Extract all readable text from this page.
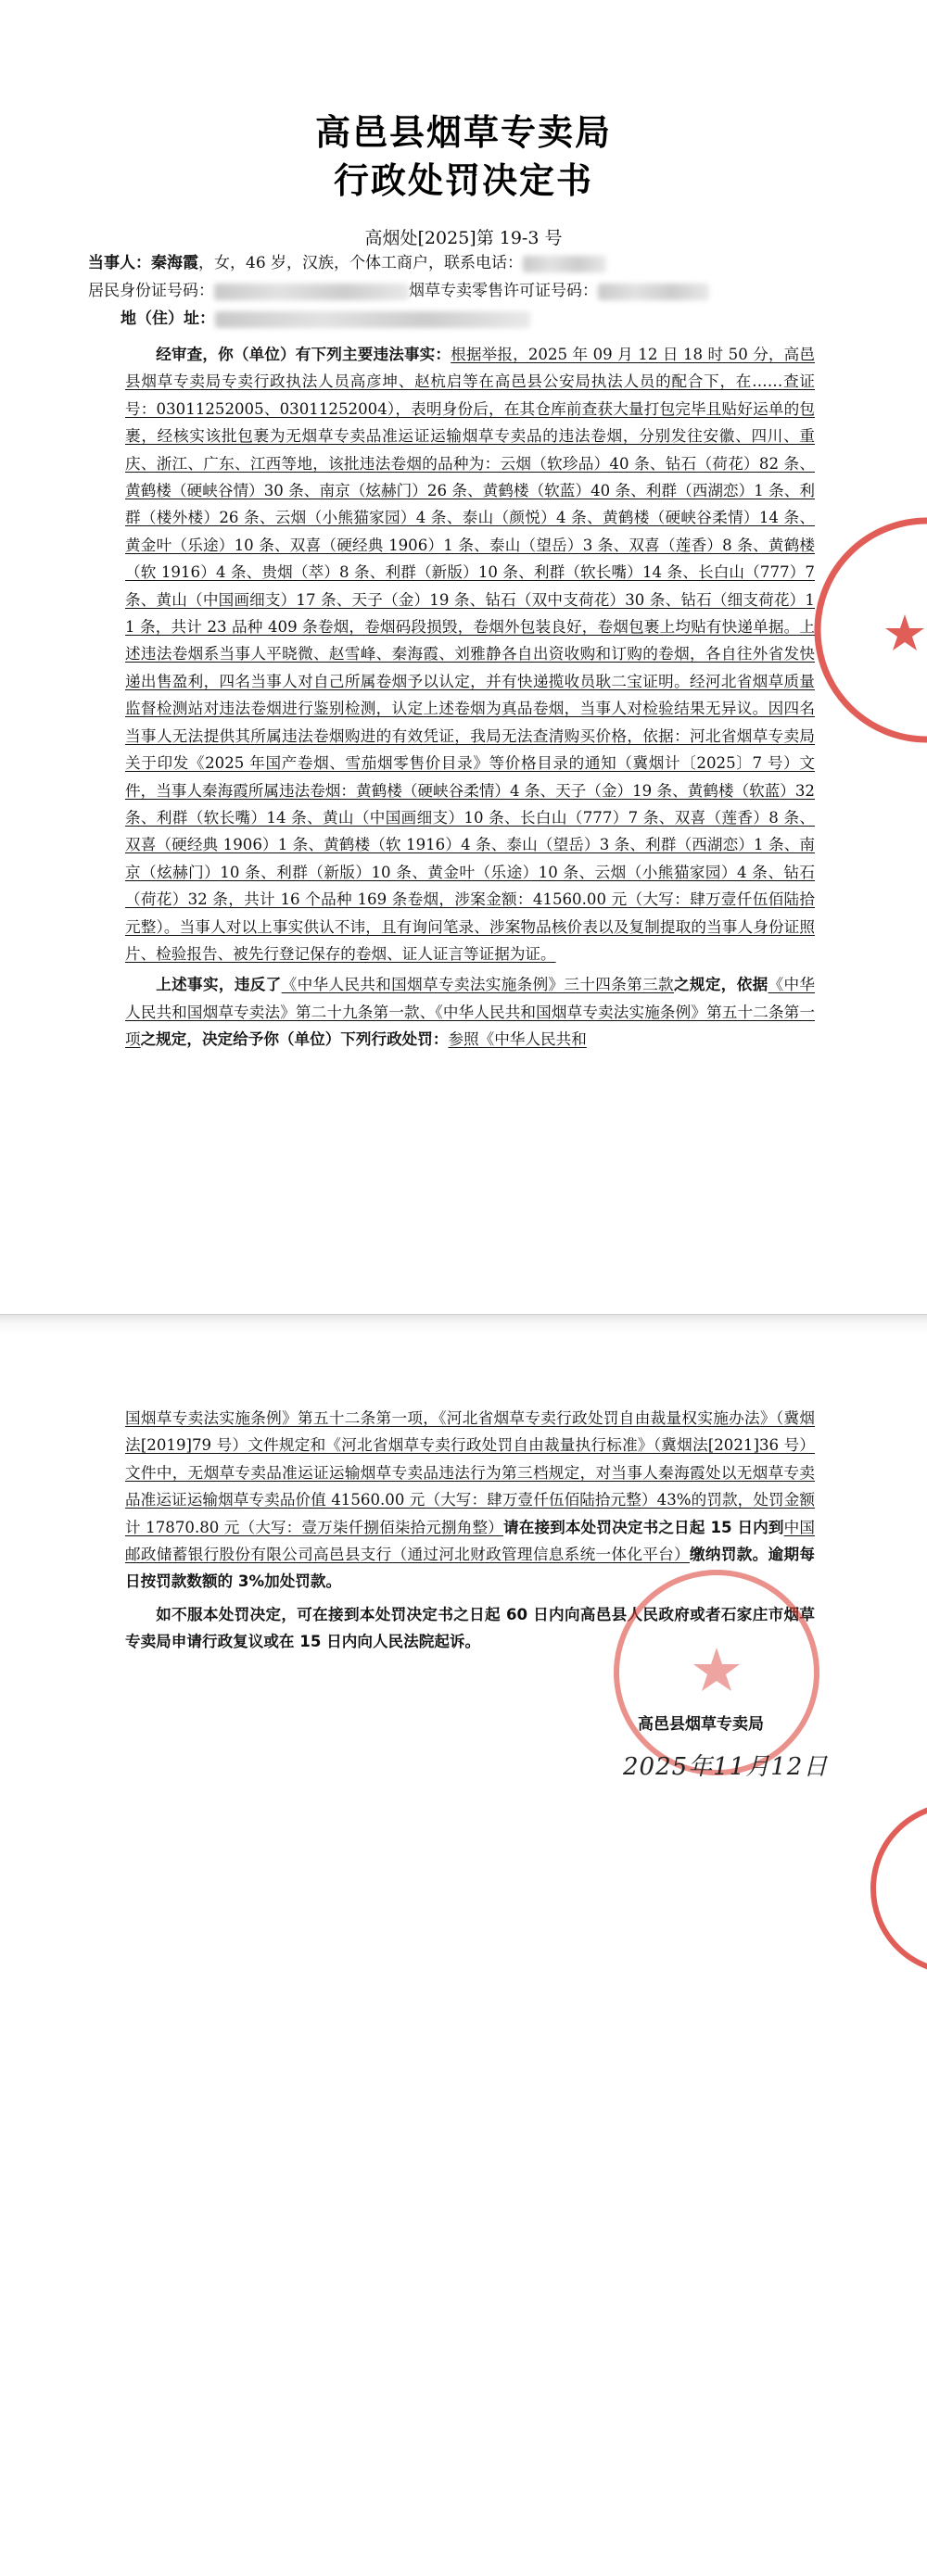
高邑县烟草专卖局
行政处罚决定书
高烟处[2025]第 19-3 号
当事人：秦海霞，女，46 岁，汉族，个体工商户，联系电话：
居民身份证号码：	烟草专卖零售许可证号码：
地（住）址：

经审查，你（单位）有下列主要违法事实：根据举报，2025 年 09 月 12 日 18 时 50 分，高邑县烟草专卖局专卖行政执法人员高彦坤、赵杭启等在高邑县公安局执法人员的配合下，在……查证号：03011252005、03011252004），表明身份后，在其仓库前查获大量打包完毕且贴好运单的包裹，经核实该批包裹为无烟草专卖品准运证运输烟草专卖品的违法卷烟，分别发往安徽、四川、重庆、浙江、广东、江西等地，该批违法卷烟的品种为：云烟（软珍品）40 条、钻石（荷花）82 条、黄鹤楼（硬峡谷情）30 条、南京（炫赫门）26 条、黄鹤楼（软蓝）40 条、利群（西湖恋）1 条、利群（楼外楼）26 条、云烟（小熊猫家园）4 条、泰山（颜悦）4 条、黄鹤楼（硬峡谷柔情）14 条、黄金叶（乐途）10 条、双喜（硬经典 1906）1 条、泰山（望岳）3 条、双喜（莲香）8 条、黄鹤楼（软 1916）4 条、贵烟（萃）8 条、利群（新版）10 条、利群（软长嘴）14 条、长白山（777）7 条、黄山（中国画细支）17 条、天子（金）19 条、钻石（双中支荷花）30 条、钻石（细支荷花）11 条，共计 23 品种 409 条卷烟，卷烟码段损毁，卷烟外包装良好，卷烟包裹上均贴有快递单据。上述违法卷烟系当事人平晓微、赵雪峰、秦海霞、刘雅静各自出资收购和订购的卷烟，各自往外省发快递出售盈利，四名当事人对自己所属卷烟予以认定，并有快递揽收员耿二宝证明。经河北省烟草质量监督检测站对违法卷烟进行鉴别检测，认定上述卷烟为真品卷烟，当事人对检验结果无异议。因四名当事人无法提供其所属违法卷烟购进的有效凭证，我局无法查清购买价格，依据：河北省烟草专卖局关于印发《2025 年国产卷烟、雪茄烟零售价目录》等价格目录的通知（冀烟计〔2025〕7 号）文件，当事人秦海霞所属违法卷烟：黄鹤楼（硬峡谷柔情）4 条、天子（金）19 条、黄鹤楼（软蓝）32 条、利群（软长嘴）14 条、黄山（中国画细支）10 条、长白山（777）7 条、双喜（莲香）8 条、双喜（硬经典 1906）1 条、黄鹤楼（软 1916）4 条、泰山（望岳）3 条、利群（西湖恋）1 条、南京（炫赫门）10 条、利群（新版）10 条、黄金叶（乐途）10 条、云烟（小熊猫家园）4 条、钻石（荷花）32 条，共计 16 个品种 169 条卷烟，涉案金额：41560.00 元（大写：肆万壹仟伍佰陆拾元整）。当事人对以上事实供认不讳，且有询问笔录、涉案物品核价表以及复制提取的当事人身份证照片、检验报告、被先行登记保存的卷烟、证人证言等证据为证。

上述事实，违反了《中华人民共和国烟草专卖法实施条例》三十四条第三款之规定，依据《中华人民共和国烟草专卖法》第二十九条第一款、《中华人民共和国烟草专卖法实施条例》第五十二条第一项之规定，决定给予你（单位）下列行政处罚：参照《中华人民共和

国烟草专卖法实施条例》第五十二条第一项，《河北省烟草专卖行政处罚自由裁量权实施办法》（冀烟法[2019]79 号）文件规定和《河北省烟草专卖行政处罚自由裁量执行标准》（冀烟法[2021]36 号）文件中，无烟草专卖品准运证运输烟草专卖品违法行为第三档规定，对当事人秦海霞处以无烟草专卖品准运证运输烟草专卖品价值 41560.00 元（大写：肆万壹仟伍佰陆拾元整）43%的罚款，处罚金额计 17870.80 元（大写：壹万柒仟捌佰柒拾元捌角整）请在接到本处罚决定书之日起 15 日内到中国邮政储蓄银行股份有限公司高邑县支行（通过河北财政管理信息系统一体化平台）缴纳罚款。逾期每日按罚款数额的 3%加处罚款。

如不服本处罚决定，可在接到本处罚决定书之日起 60 日内向高邑县人民政府或者石家庄市烟草专卖局申请行政复议或在 15 日内向人民法院起诉。

高邑县烟草专卖局
2025年11月12日
